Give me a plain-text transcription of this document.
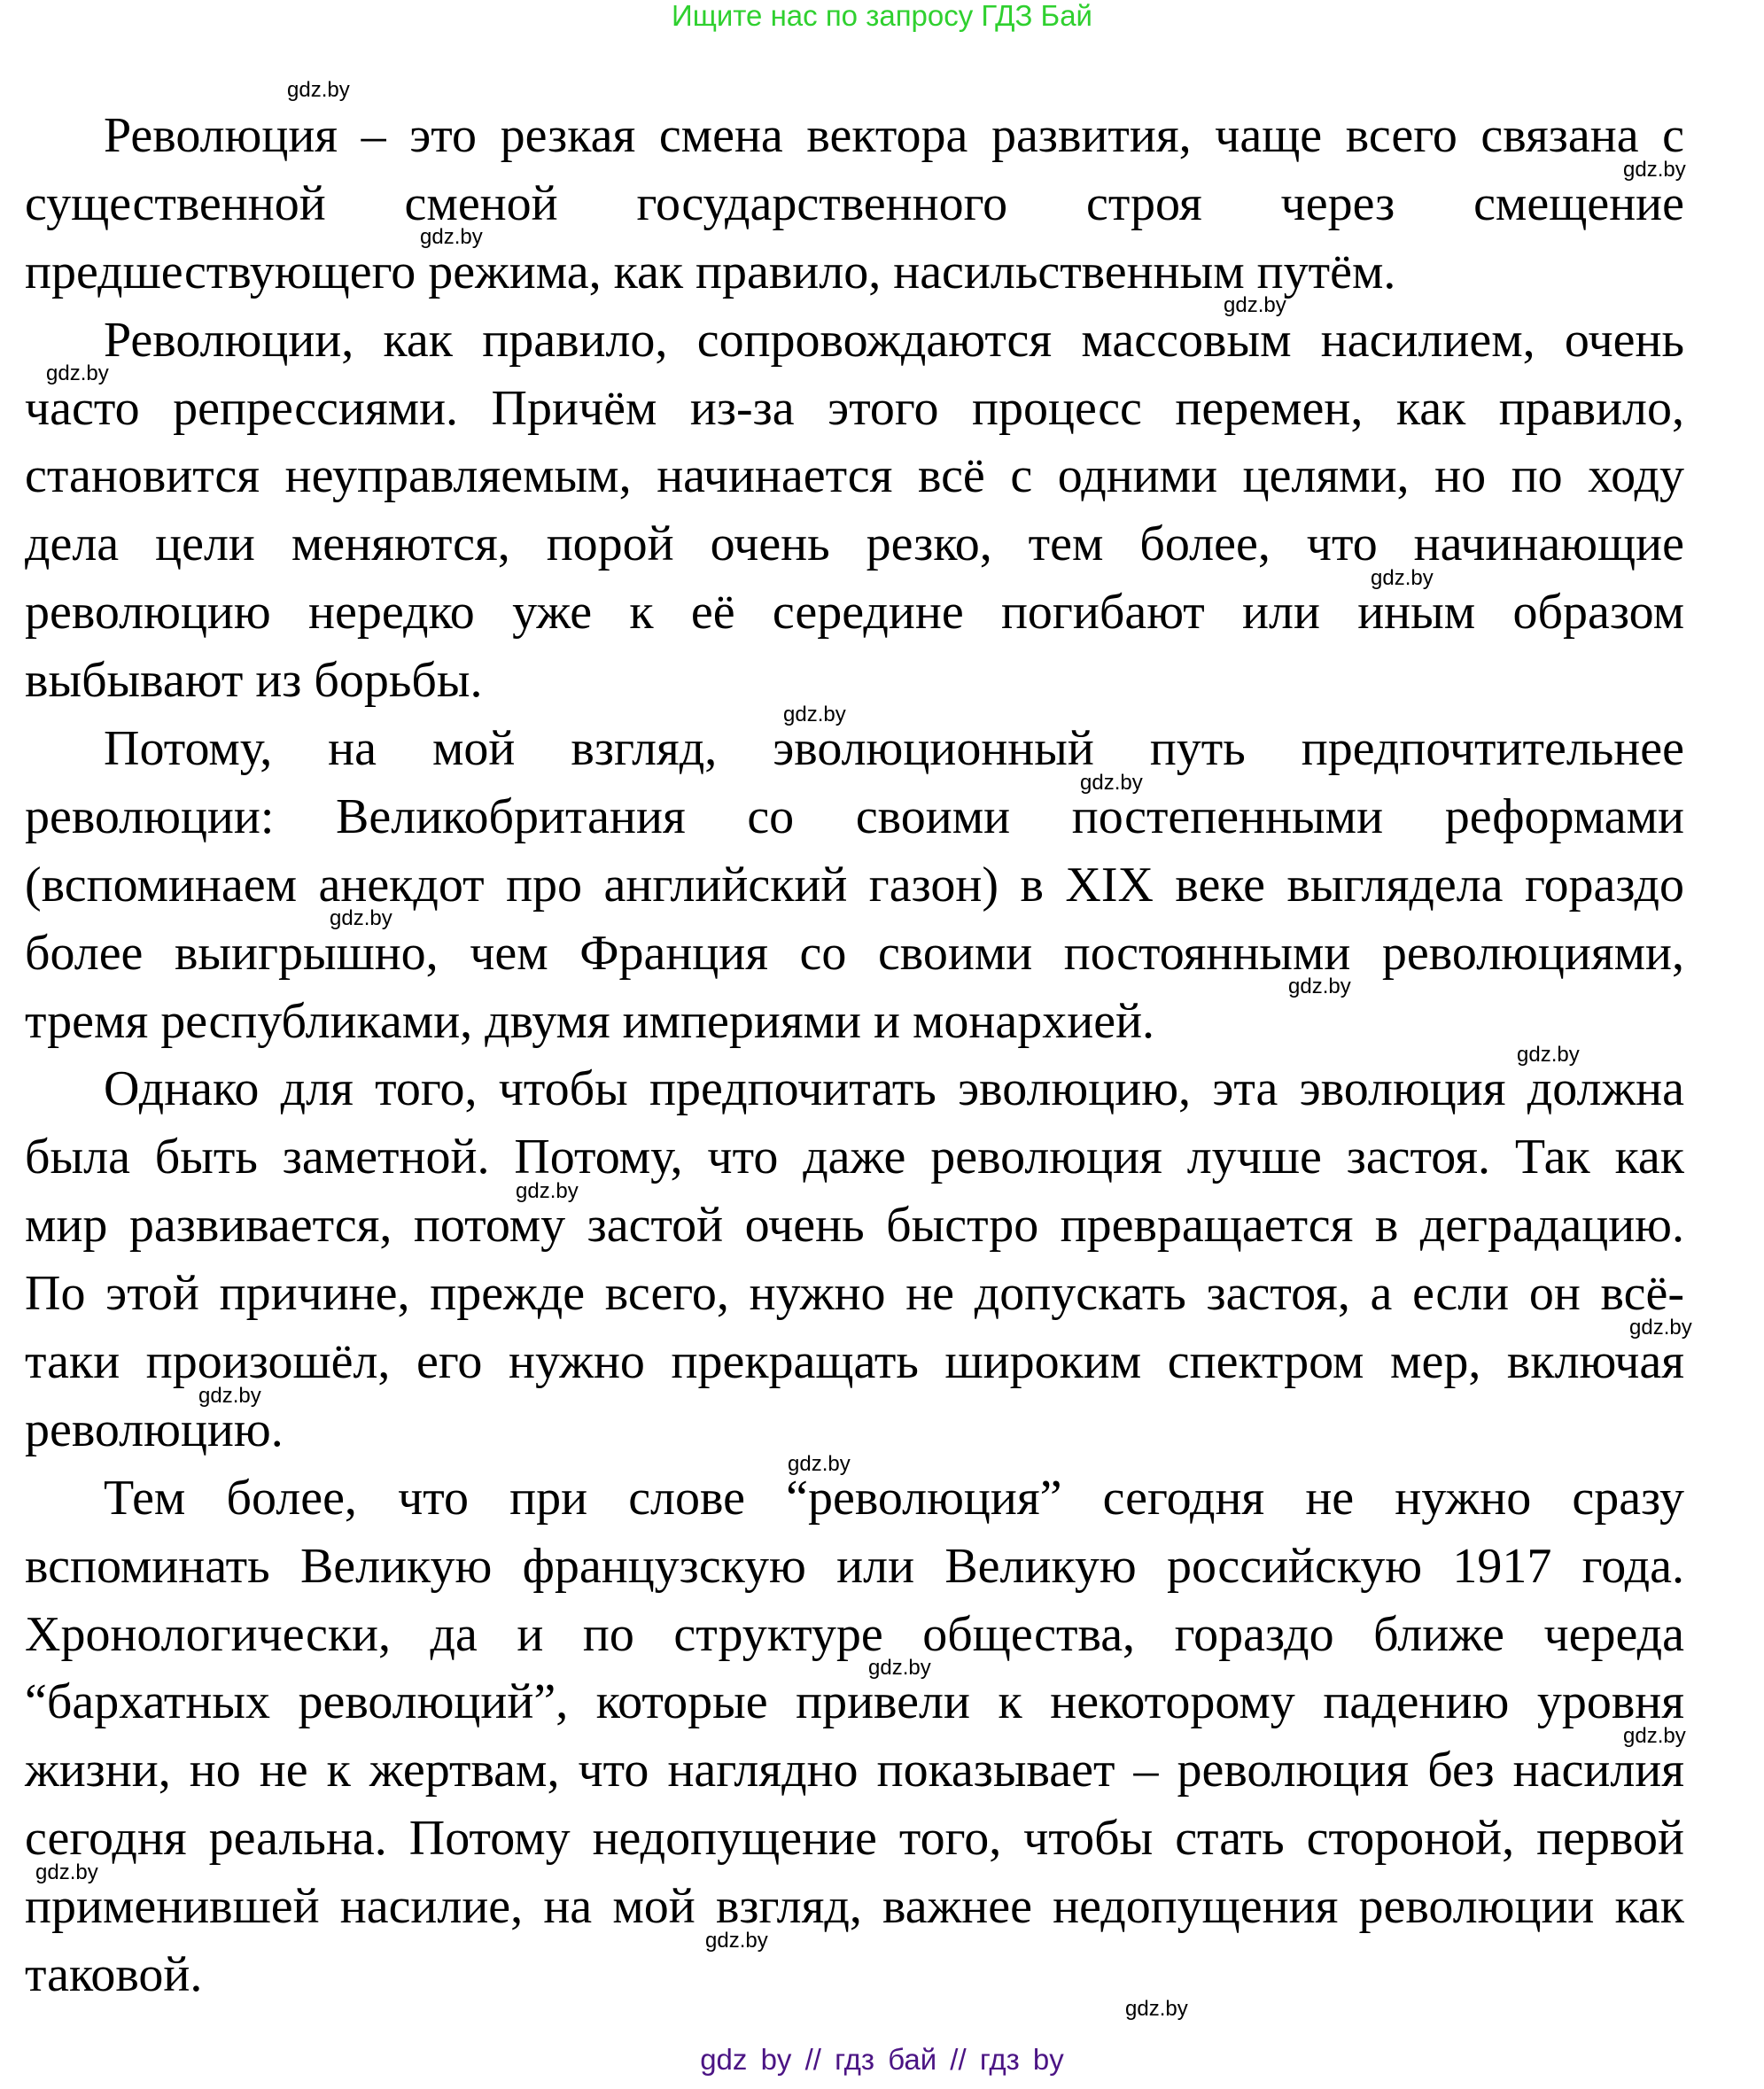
Ищите нас по запросу ГДЗ Бай
Революция – это резкая смена вектора развития, чаще всего связана с
существенной сменой государственного строя через смещение
предшествующего режима, как правило, насильственным путём.
Революции, как правило, сопровождаются массовым насилием, очень
часто репрессиями. Причём из-за этого процесс перемен, как правило,
становится неуправляемым, начинается всё с одними целями, но по ходу
дела цели меняются, порой очень резко, тем более, что начинающие
революцию нередко уже к её середине погибают или иным образом
выбывают из борьбы.
Потому, на мой взгляд, эволюционный путь предпочтительнее
революции: Великобритания со своими постепенными реформами
(вспоминаем анекдот про английский газон) в XIX веке выглядела гораздо
более выигрышно, чем Франция со своими постоянными революциями,
тремя республиками, двумя империями и монархией.
Однако для того, чтобы предпочитать эволюцию, эта эволюция должна
была быть заметной. Потому, что даже революция лучше застоя. Так как
мир развивается, потому застой очень быстро превращается в деградацию.
По этой причине, прежде всего, нужно не допускать застоя, а если он всё-
таки произошёл, его нужно прекращать широким спектром мер, включая
революцию.
Тем более, что при слове “революция” сегодня не нужно сразу
вспоминать Великую французскую или Великую российскую 1917 года.
Хронологически, да и по структуре общества, гораздо ближе череда
“бархатных революций”, которые привели к некоторому падению уровня
жизни, но не к жертвам, что наглядно показывает – революция без насилия
сегодня реальна. Потому недопущение того, чтобы стать стороной, первой
применившей насилие, на мой взгляд, важнее недопущения революции как
таковой.
gdz.by
gdz.by
gdz.by
gdz.by
gdz.by
gdz.by
gdz.by
gdz.by
gdz.by
gdz.by
gdz.by
gdz.by
gdz.by
gdz.by
gdz.by
gdz.by
gdz.by
gdz.by
gdz.by
gdz.by
gdz by // гдз бай // гдз by
